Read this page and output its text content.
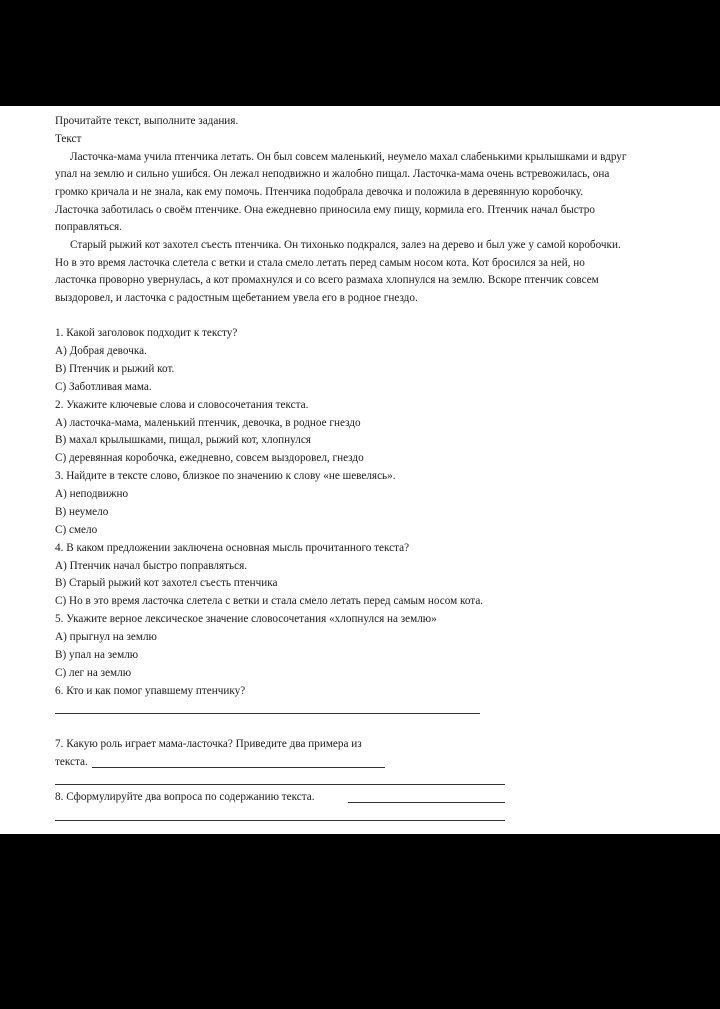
Прочитайте текст, выполните задания.
Текст
Ласточка-мама учила птенчика летать. Он был совсем маленький, неумело махал слабенькими крылышками и вдруг
упал на землю и сильно ушибся. Он лежал неподвижно и жалобно пищал. Ласточка-мама очень встревожилась, она
громко кричала и не знала, как ему помочь. Птенчика подобрала девочка и положила в деревянную коробочку.
Ласточка заботилась о своём птенчике. Она ежедневно приносила ему пищу, кормила его. Птенчик начал быстро
поправляться.
Старый рыжий кот захотел съесть птенчика. Он тихонько подкрался, залез на дерево и был уже у самой коробочки.
Но в это время ласточка слетела с ветки и стала смело летать перед самым носом кота. Кот бросился за ней, но
ласточка проворно увернулась, а кот промахнулся и со всего размаха хлопнулся на землю. Вскоре птенчик совсем
выздоровел, и ласточка с радостным щебетанием увела его в родное гнездо.
1. Какой заголовок подходит к тексту?
А) Добрая девочка.
В) Птенчик и рыжий кот.
С) Заботливая мама.
2. Укажите ключевые слова и словосочетания текста.
А) ласточка-мама, маленький птенчик, девочка, в родное гнездо
В) махал крылышками, пищал, рыжий кот, хлопнулся
С) деревянная коробочка, ежедневно, совсем выздоровел, гнездо
3. Найдите в тексте слово, близкое по значению к слову «не шевелясь».
А) неподвижно
В) неумело
С) смело
4. В каком предложении заключена основная мысль прочитанного текста?
А) Птенчик начал быстро поправляться.
В) Старый рыжий кот захотел съесть птенчика
С) Но в это время ласточка слетела с ветки и стала смело летать перед самым носом кота.
5. Укажите верное лексическое значение словосочетания «хлопнулся на землю»
А) прыгнул на землю
В) упал на землю
С) лег на землю
6. Кто и как помог упавшему птенчику?
7. Какую роль играет мама-ласточка? Приведите два примера из
текста.
8. Сформулируйте два вопроса по содержанию текста.
